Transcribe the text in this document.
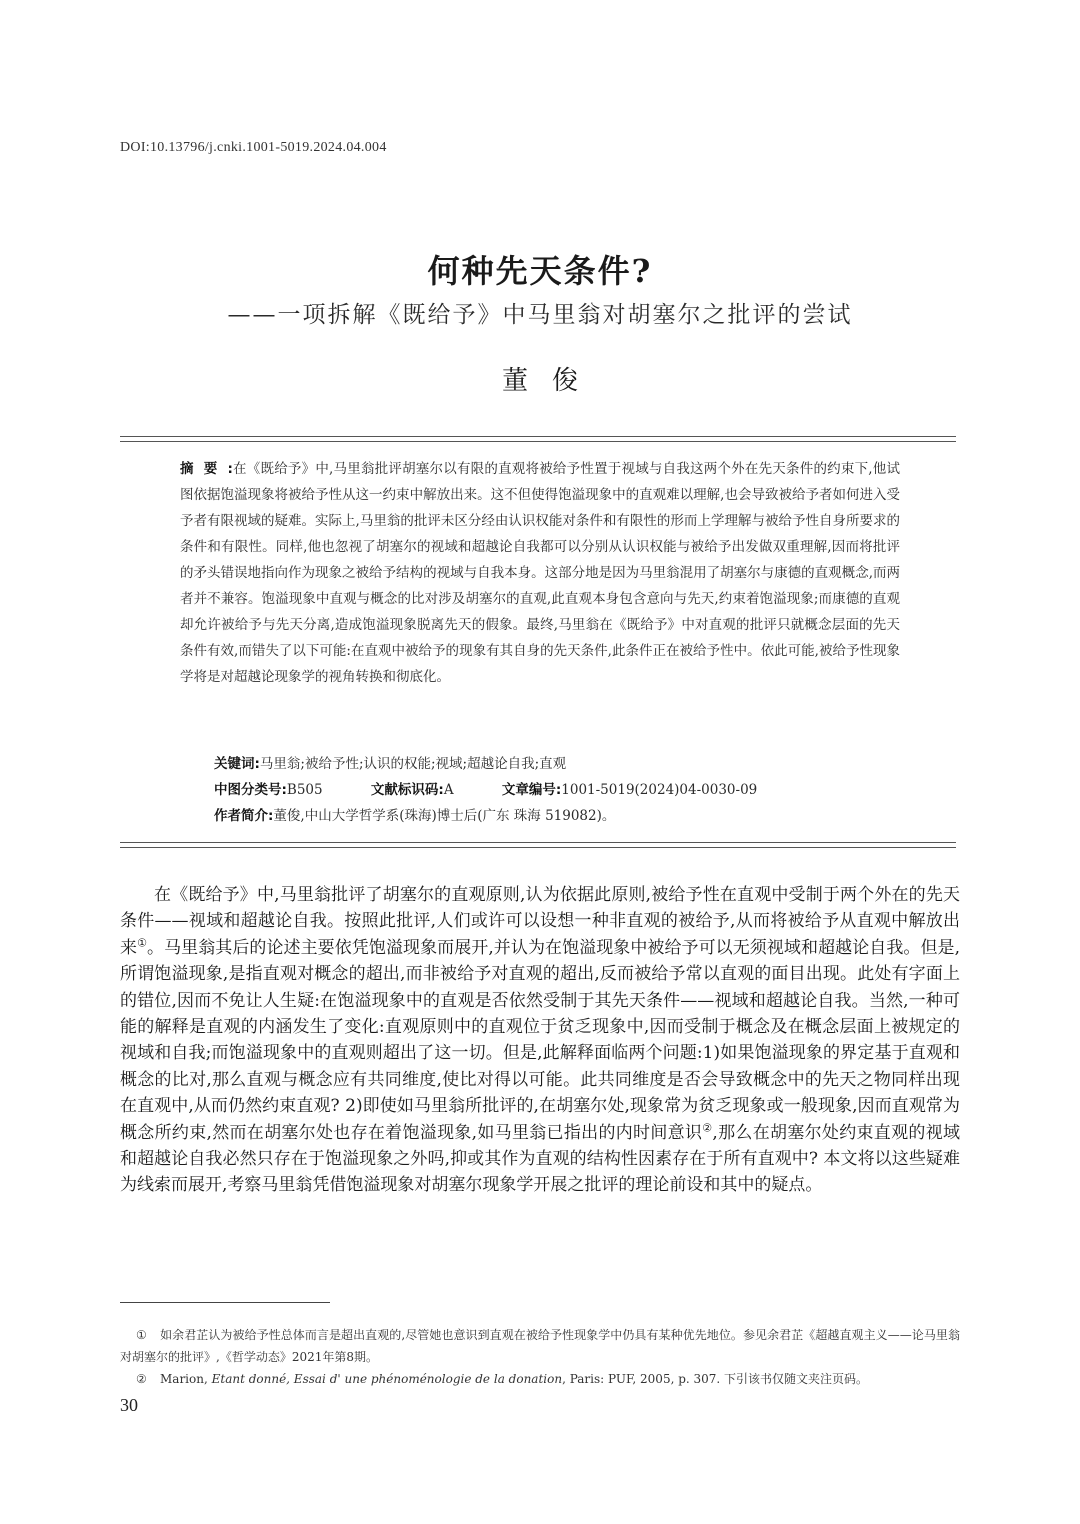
DOI:10.13796/j.cnki.1001-5019.2024.04.004
何种先天条件?
——一项拆解《既给予》中马里翁对胡塞尔之批评的尝试
董俊
摘要:在《既给予》中,马里翁批评胡塞尔以有限的直观将被给予性置于视域与自我这两个外在先天条件的约束下,他试图依据饱溢现象将被给予性从这一约束中解放出来。这不但使得饱溢现象中的直观难以理解,也会导致被给予者如何进入受予者有限视域的疑难。实际上,马里翁的批评未区分经由认识权能对条件和有限性的形而上学理解与被给予性自身所要求的条件和有限性。同样,他也忽视了胡塞尔的视域和超越论自我都可以分别从认识权能与被给予出发做双重理解,因而将批评的矛头错误地指向作为现象之被给予结构的视域与自我本身。这部分地是因为马里翁混用了胡塞尔与康德的直观概念,而两者并不兼容。饱溢现象中直观与概念的比对涉及胡塞尔的直观,此直观本身包含意向与先天,约束着饱溢现象;而康德的直观却允许被给予与先天分离,造成饱溢现象脱离先天的假象。最终,马里翁在《既给予》中对直观的批评只就概念层面的先天条件有效,而错失了以下可能:在直观中被给予的现象有其自身的先天条件,此条件正在被给予性中。依此可能,被给予性现象学将是对超越论现象学的视角转换和彻底化。
关键词:马里翁;被给予性;认识的权能;视域;超越论自我;直观
中图分类号:B505	文献标识码:A	文章编号:1001-5019(2024)04-0030-09
作者简介:董俊,中山大学哲学系(珠海)博士后(广东 珠海 519082)。
在《既给予》中,马里翁批评了胡塞尔的直观原则,认为依据此原则,被给予性在直观中受制于两个外在的先天条件——视域和超越论自我。按照此批评,人们或许可以设想一种非直观的被给予,从而将被给予从直观中解放出来①。马里翁其后的论述主要依凭饱溢现象而展开,并认为在饱溢现象中被给予可以无须视域和超越论自我。但是,所谓饱溢现象,是指直观对概念的超出,而非被给予对直观的超出,反而被给予常以直观的面目出现。此处有字面上的错位,因而不免让人生疑:在饱溢现象中的直观是否依然受制于其先天条件——视域和超越论自我。当然,一种可能的解释是直观的内涵发生了变化:直观原则中的直观位于贫乏现象中,因而受制于概念及在概念层面上被规定的视域和自我;而饱溢现象中的直观则超出了这一切。但是,此解释面临两个问题:1)如果饱溢现象的界定基于直观和概念的比对,那么直观与概念应有共同维度,使比对得以可能。此共同维度是否会导致概念中的先天之物同样出现在直观中,从而仍然约束直观? 2)即使如马里翁所批评的,在胡塞尔处,现象常为贫乏现象或一般现象,因而直观常为概念所约束,然而在胡塞尔处也存在着饱溢现象,如马里翁已指出的内时间意识②,那么在胡塞尔处约束直观的视域和超越论自我必然只存在于饱溢现象之外吗,抑或其作为直观的结构性因素存在于所有直观中? 本文将以这些疑难为线索而展开,考察马里翁凭借饱溢现象对胡塞尔现象学开展之批评的理论前设和其中的疑点。

① 如余君芷认为被给予性总体而言是超出直观的,尽管她也意识到直观在被给予性现象学中仍具有某种优先地位。参见余君芷《超越直观主义——论马里翁对胡塞尔的批评》,《哲学动态》2021年第8期。

② Marion, Etant donné, Essai d' une phénoménologie de la donation, Paris: PUF, 2005, p. 307. 下引该书仅随文夹注页码。

30
